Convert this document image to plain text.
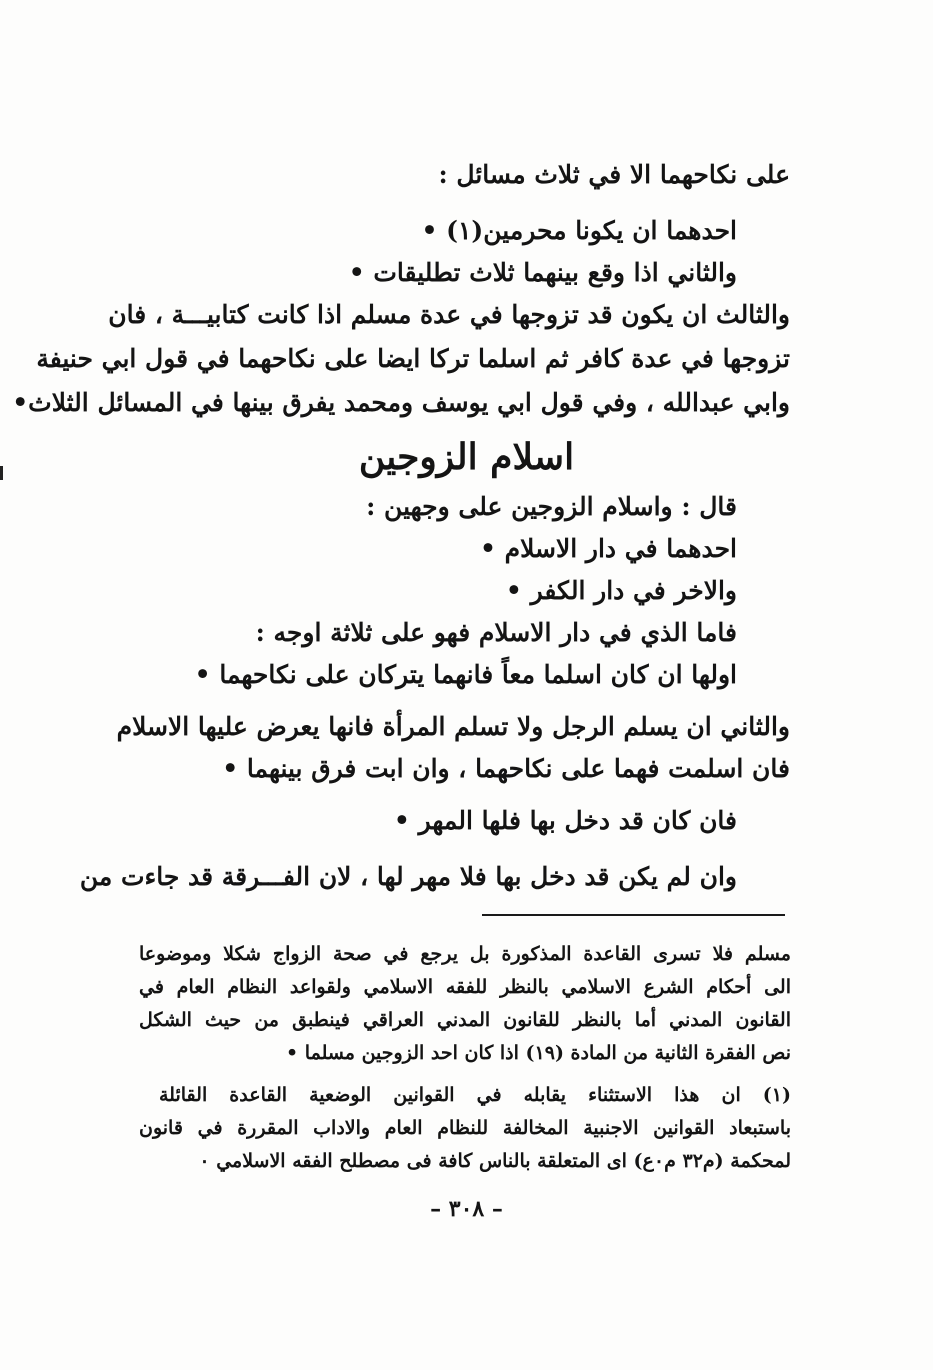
على نكاحهما الا في ثلاث مسائل :
احدهما ان يكونا محرمين(١) •
والثاني اذا وقع بينهما ثلاث تطليقات •
والثالث ان يكون قد تزوجها في عدة مسلم اذا كانت كتابيـــة ، فان
تزوجها في عدة كافر ثم اسلما تركا ايضا على نكاحهما في قول ابي حنيفة
وابي عبدالله ، وفي قول ابي يوسف ومحمد يفرق بينها في المسائل الثلاث•
اسلام الزوجين
قال : واسلام الزوجين على وجهين :
احدهما في دار الاسلام •
والاخر في دار الكفر •
فاما الذي في دار الاسلام فهو على ثلاثة اوجه :
اولها ان كان اسلما معاً فانهما يتركان على نكاحهما •
والثاني ان يسلم الرجل ولا تسلم المرأة فانها يعرض عليها الاسلام
فان اسلمت فهما على نكاحهما ، وان ابت فرق بينهما •
فان كان قد دخل بها فلها المهر •
وان لم يكن قد دخل بها فلا مهر لها ، لان الفـــرقة قد جاءت من
مسلم فلا تسرى القاعدة المذكورة بل يرجع في صحة الزواج شكلا وموضوعا
الى أحكام الشرع الاسلامي بالنظر للفقه الاسلامي ولقواعد النظام العام في
القانون المدني أما بالنظر للقانون المدني العراقي فينطبق من حيث الشكل
نص الفقرة الثانية من المادة (١٩) اذا كان احد الزوجين مسلما •
(١) ان هذا الاستثناء يقابله في القوانين الوضعية القاعدة القائلة
باستبعاد القوانين الاجنبية المخالفة للنظام العام والاداب المقررة في قانون
لمحكمة (م٣٢ م٠ع) اى المتعلقة بالناس كافة فى مصطلح الفقه الاسلامي ٠
– ٣٠٨ –
